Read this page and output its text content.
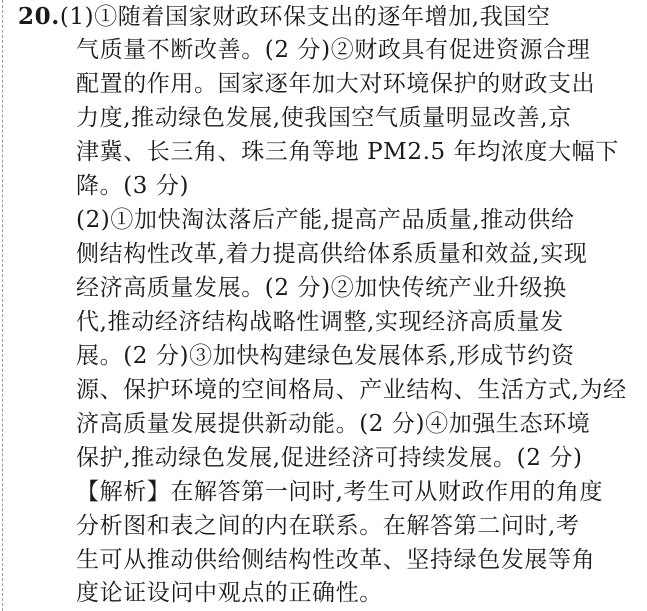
20.(1)①随着国家财政环保支出的逐年增加,我国空
气质量不断改善。(2 分)②财政具有促进资源合理
配置的作用。国家逐年加大对环境保护的财政支出
力度,推动绿色发展,使我国空气质量明显改善,京
津冀、长三角、珠三角等地 PM2.5 年均浓度大幅下
降。(3 分)
(2)①加快淘汰落后产能,提高产品质量,推动供给
侧结构性改革,着力提高供给体系质量和效益,实现
经济高质量发展。(2 分)②加快传统产业升级换
代,推动经济结构战略性调整,实现经济高质量发
展。(2 分)③加快构建绿色发展体系,形成节约资
源、保护环境的空间格局、产业结构、生活方式,为经
济高质量发展提供新动能。(2 分)④加强生态环境
保护,推动绿色发展,促进经济可持续发展。(2 分)
【解析】在解答第一问时,考生可从财政作用的角度
分析图和表之间的内在联系。在解答第二问时,考
生可从推动供给侧结构性改革、坚持绿色发展等角
度论证设问中观点的正确性。
